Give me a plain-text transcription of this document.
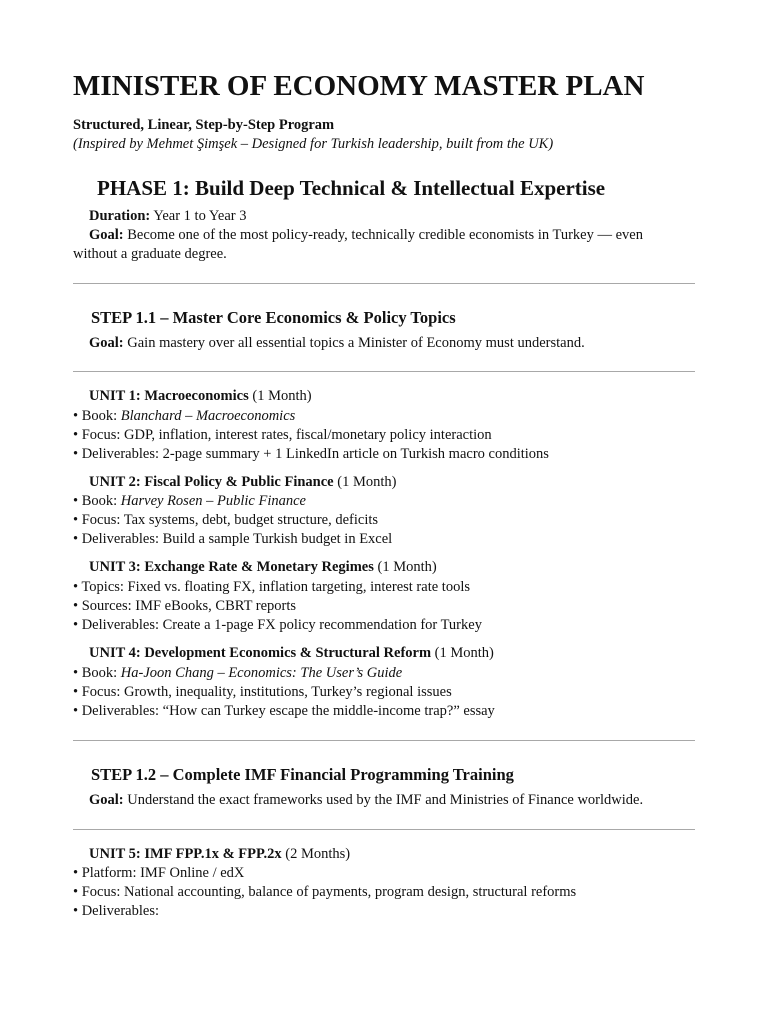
MINISTER OF ECONOMY MASTER PLAN
Structured, Linear, Step-by-Step Program
(Inspired by Mehmet Şimşek – Designed for Turkish leadership, built from the UK)
PHASE 1: Build Deep Technical & Intellectual Expertise
Duration: Year 1 to Year 3
Goal: Become one of the most policy-ready, technically credible economists in Turkey — even
without a graduate degree.
STEP 1.1 – Master Core Economics & Policy Topics
Goal: Gain mastery over all essential topics a Minister of Economy must understand.
UNIT 1: Macroeconomics (1 Month)
• Book: Blanchard – Macroeconomics
• Focus: GDP, inflation, interest rates, fiscal/monetary policy interaction
• Deliverables: 2-page summary + 1 LinkedIn article on Turkish macro conditions
UNIT 2: Fiscal Policy & Public Finance (1 Month)
• Book: Harvey Rosen – Public Finance
• Focus: Tax systems, debt, budget structure, deficits
• Deliverables: Build a sample Turkish budget in Excel
UNIT 3: Exchange Rate & Monetary Regimes (1 Month)
• Topics: Fixed vs. floating FX, inflation targeting, interest rate tools
• Sources: IMF eBooks, CBRT reports
• Deliverables: Create a 1-page FX policy recommendation for Turkey
UNIT 4: Development Economics & Structural Reform (1 Month)
• Book: Ha-Joon Chang – Economics: The User’s Guide
• Focus: Growth, inequality, institutions, Turkey’s regional issues
• Deliverables: “How can Turkey escape the middle-income trap?” essay
STEP 1.2 – Complete IMF Financial Programming Training
Goal: Understand the exact frameworks used by the IMF and Ministries of Finance worldwide.
UNIT 5: IMF FPP.1x & FPP.2x (2 Months)
• Platform: IMF Online / edX
• Focus: National accounting, balance of payments, program design, structural reforms
• Deliverables:
